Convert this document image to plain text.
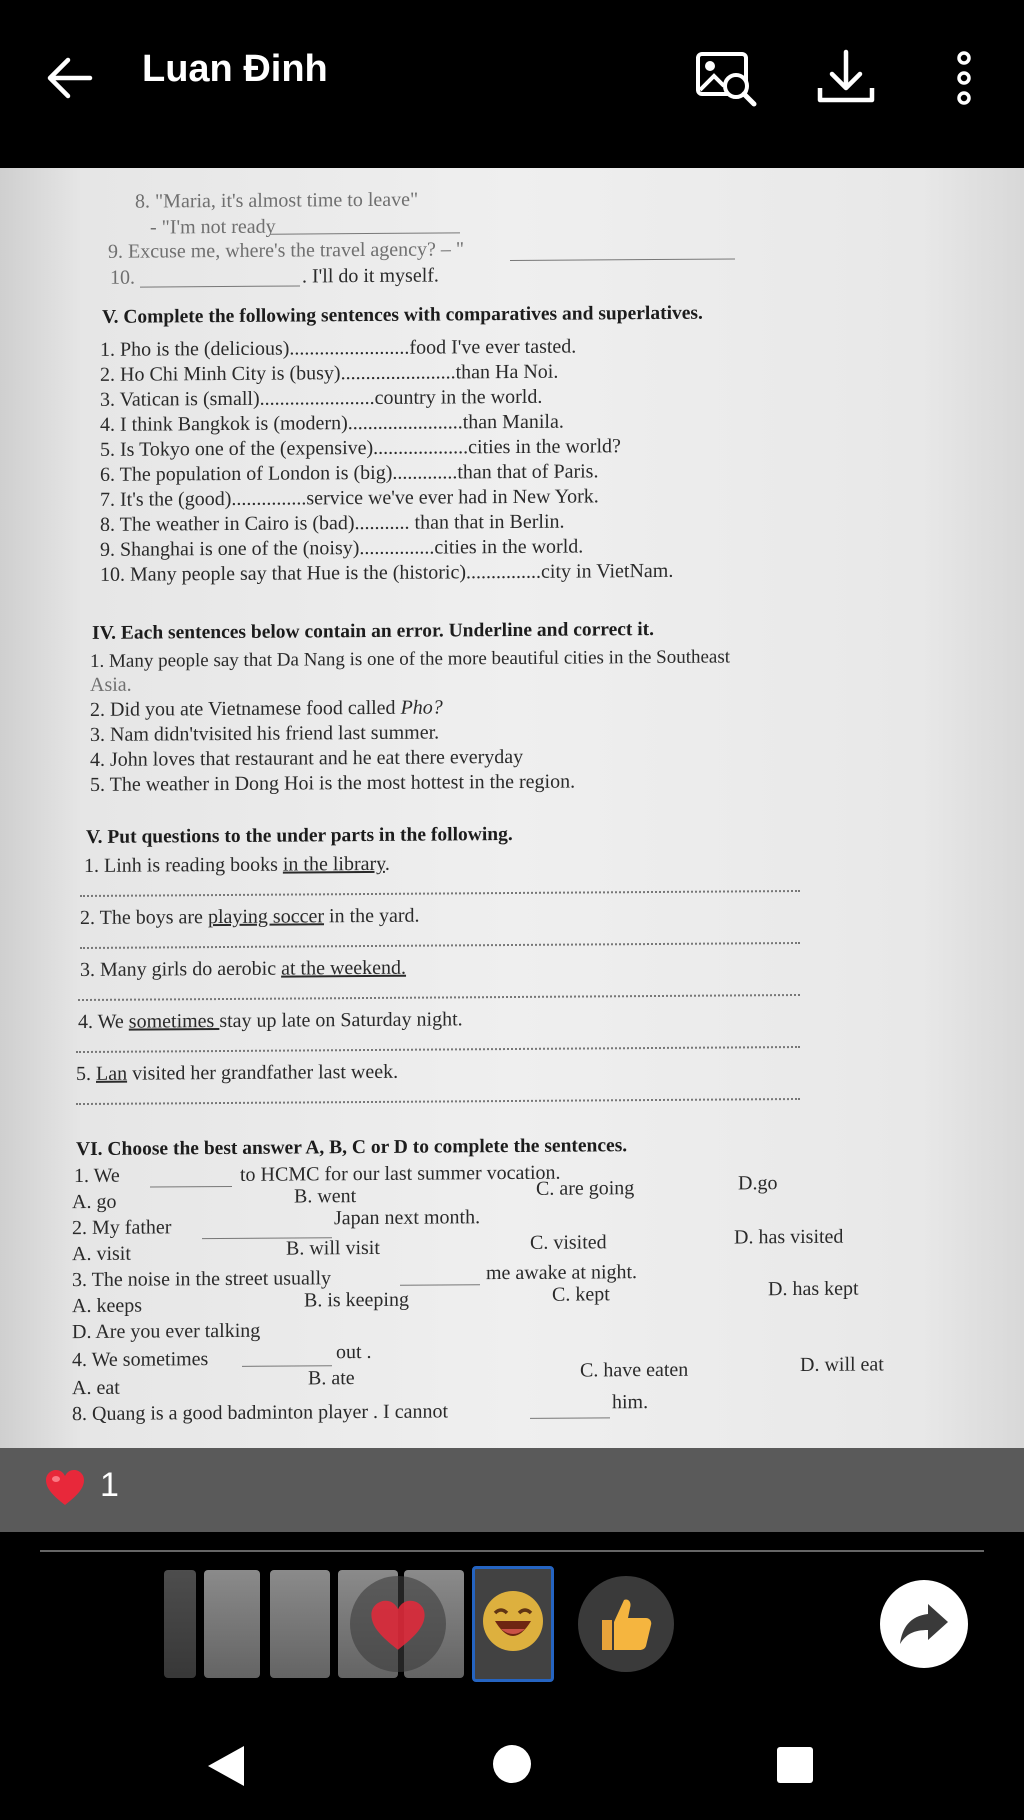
Luan Đinh
8. "Maria, it's almost time to leave"
- "I'm not ready
9. Excuse me, where's the travel agency? – "
10.	. I'll do it myself.
V. Complete the following sentences with comparatives and superlatives.
1. Pho is the (delicious)........................food I've ever tasted.
2. Ho Chi Minh City is (busy).......................than Ha Noi.
3. Vatican is (small).......................country in the world.
4. I think Bangkok is (modern).......................than Manila.
5. Is Tokyo one of the (expensive)...................cities in the world?
6. The population of London is (big).............than that of Paris.
7. It's the (good)...............service we've ever had in New York.
8. The weather in Cairo is (bad)........... than that in Berlin.
9. Shanghai is one of the (noisy)...............cities in the world.
10. Many people say that Hue is the (historic)...............city in VietNam.
IV. Each sentences below contain an error. Underline and correct it.
1. Many people say that Da Nang is one of the more beautiful cities in the Southeast
Asia.
2. Did you ate Vietnamese food called Pho?
3. Nam didn'tvisited his friend last summer.
4. John loves that restaurant and he eat there everyday
5. The weather in Dong Hoi is the most hottest in the region.
V. Put questions to the under parts in the following.
1. Linh is reading books in the library.
2. The boys are playing soccer in the yard.
3. Many girls do aerobic at the weekend.
4. We sometimes stay up late on Saturday night.
5. Lan visited her grandfather last week.
VI. Choose the best answer A, B, C or D to complete the sentences.
1. We	to HCMC for our last summer vocation.
A. go	B. went	C. are going	D.go
2. My father	Japan next month.
A. visit	B. will visit	C. visited	D. has visited
3. The noise in the street usually	me awake at night.
A. keeps	B. is keeping	C. kept	D. has kept
D. Are you ever talking
4. We sometimes	out .
A. eat	B. ate	C. have eaten	D. will eat
8. Quang is a good badminton player . I cannot	him.
1
